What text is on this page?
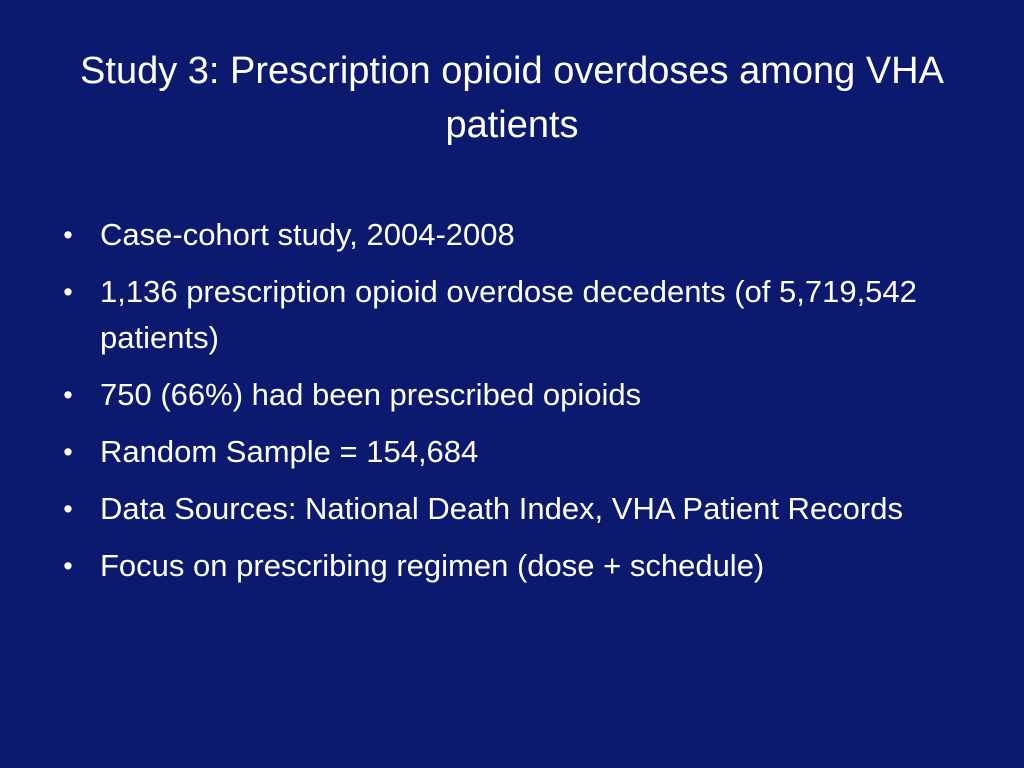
Study 3: Prescription opioid overdoses among VHA patients
• Case-cohort study, 2004-2008
• 1,136 prescription opioid overdose decedents (of 5,719,542 patients)
• 750 (66%) had been prescribed opioids
• Random Sample = 154,684
• Data Sources: National Death Index, VHA Patient Records
• Focus on prescribing regimen (dose + schedule)
